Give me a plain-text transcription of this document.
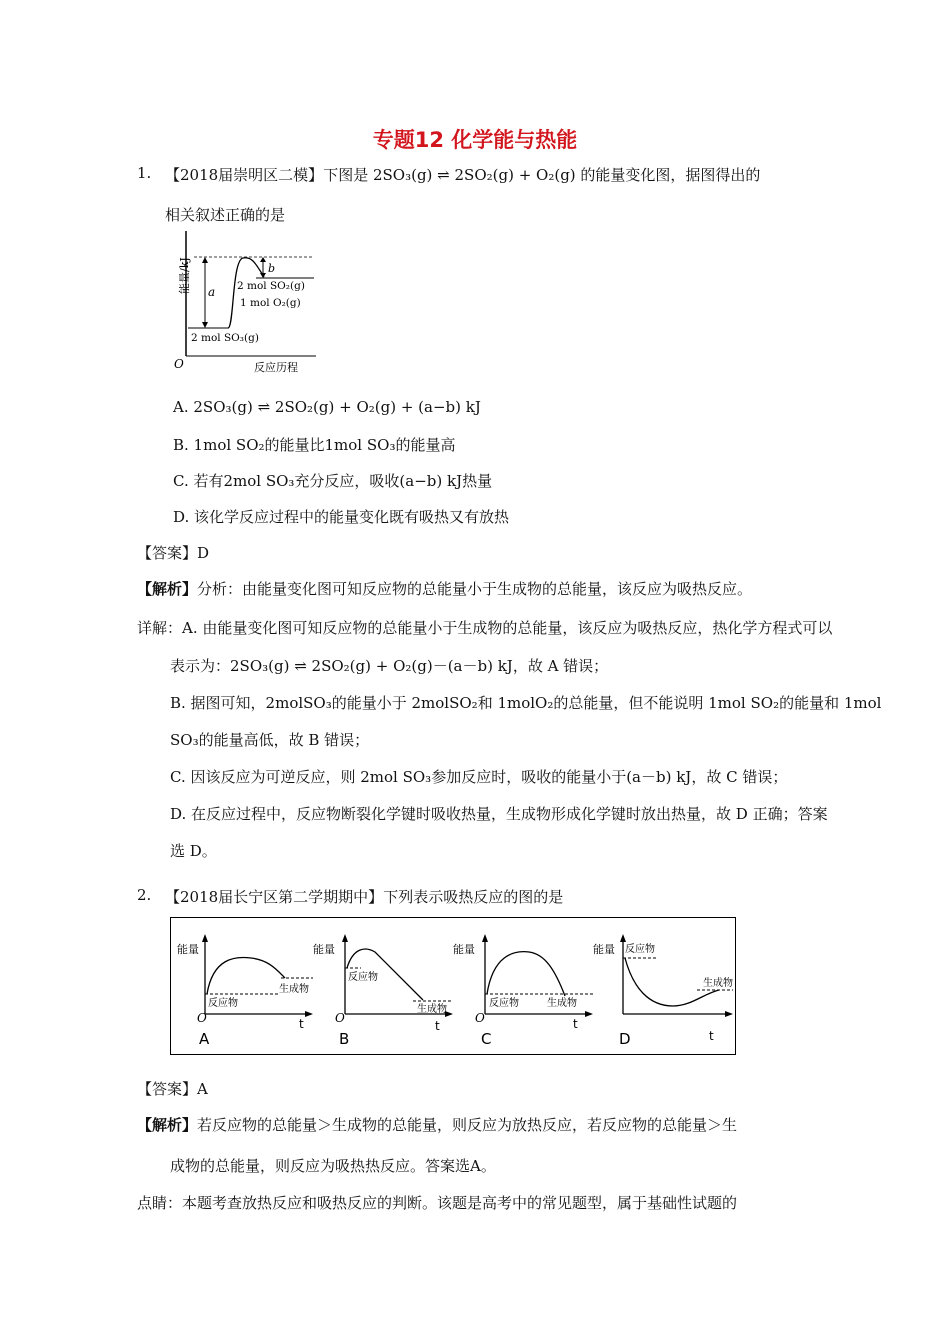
专题12 化学能与热能
1. 【2018届崇明区二模】下图是 2SO₃(g) ⇌ 2SO₂(g) + O₂(g) 的能量变化图，据图得出的
相关叙述正确的是
能量/kJ
O	反应历程
a
b
2 mol SO₂(g)
1 mol O₂(g)
2 mol SO₃(g)
A. 2SO₃(g) ⇌ 2SO₂(g) + O₂(g) + (a−b) kJ
B. 1mol SO₂的能量比1mol SO₃的能量高
C. 若有2mol SO₃充分反应，吸收(a−b) kJ热量
D. 该化学反应过程中的能量变化既有吸热又有放热
【答案】D
【解析】分析：由能量变化图可知反应物的总能量小于生成物的总能量，该反应为吸热反应。
详解：A. 由能量变化图可知反应物的总能量小于生成物的总能量，该反应为吸热反应，热化学方程式可以
表示为：2SO₃(g) ⇌ 2SO₂(g) + O₂(g)－(a－b) kJ，故 A 错误；
B. 据图可知，2molSO₃的能量小于 2molSO₂和 1molO₂的总能量，但不能说明 1mol SO₂的能量和 1mol
SO₃的能量高低，故 B 错误；
C. 因该反应为可逆反应，则 2mol SO₃参加反应时，吸收的能量小于(a－b) kJ，故 C 错误；
D. 在反应过程中，反应物断裂化学键时吸收热量，生成物形成化学键时放出热量，故 D 正确；答案
选 D。
2. 【2018届长宁区第二学期期中】下列表示吸热反应的图的是
能量
O	t
A
反应物
生成物
能量
O
t
B
反应物
生成物
能量
O	t
C
反应物	生成物
能量
t
D
反应物
生成物
【答案】A
【解析】若反应物的总能量＞生成物的总能量，则反应为放热反应，若反应物的总能量＞生
成物的总能量，则反应为吸热热反应。答案选A。
点睛：本题考查放热反应和吸热反应的判断。该题是高考中的常见题型，属于基础性试题的
